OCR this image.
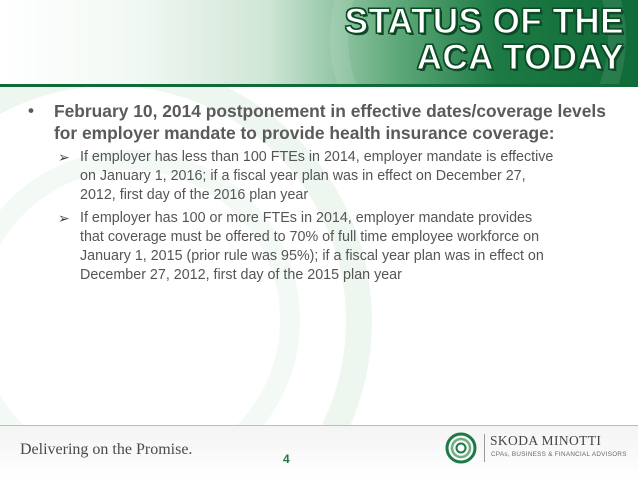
STATUS OF THE
ACA TODAY
•	February 10, 2014 postponement in effective dates/coverage levels for employer mandate to provide health insurance coverage:

➢ If employer has less than 100 FTEs in 2014, employer mandate is effective on January 1, 2016; if a fiscal year plan was in effect on December 27, 2012, first day of the 2016 plan year

➢ If employer has 100 or more FTEs in 2014, employer mandate provides that coverage must be offered to 70% of full time employee workforce on January 1, 2015 (prior rule was 95%); if a fiscal year plan was in effect on December 27, 2012, first day of the 2015 plan year

Delivering on the Promise.

4

SKODA MINOTTI

CPAs, BUSINESS & FINANCIAL ADVISORS
